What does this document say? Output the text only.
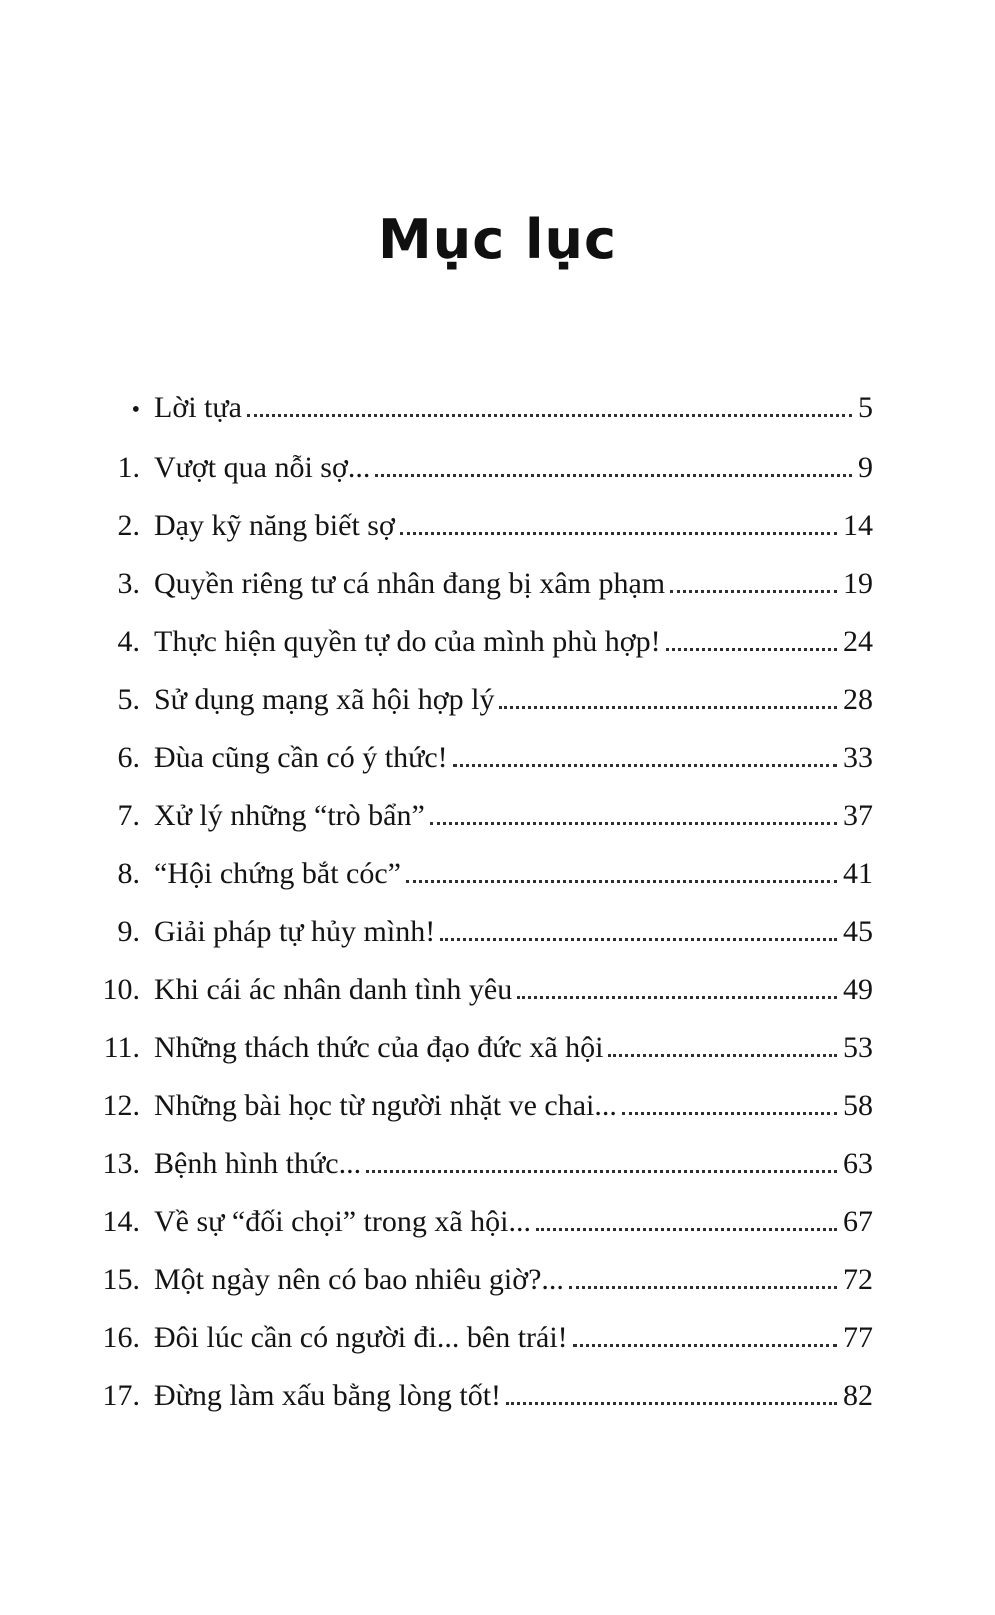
Mục lục
• Lời tựa	5
1. Vượt qua nỗi sợ...	9
2. Dạy kỹ năng biết sợ	14
3. Quyền riêng tư cá nhân đang bị xâm phạm	19
4. Thực hiện quyền tự do của mình phù hợp!	24
5. Sử dụng mạng xã hội hợp lý	28
6. Đùa cũng cần có ý thức!	33
7. Xử lý những “trò bẩn”	37
8. “Hội chứng bắt cóc”	41
9. Giải pháp tự hủy mình!	45
10. Khi cái ác nhân danh tình yêu	49
11. Những thách thức của đạo đức xã hội	53
12. Những bài học từ người nhặt ve chai...	58
13. Bệnh hình thức...	63
14. Về sự “đối chọi” trong xã hội...	67
15. Một ngày nên có bao nhiêu giờ?...	72
16. Đôi lúc cần có người đi... bên trái!	77
17. Đừng làm xấu bằng lòng tốt!	82
